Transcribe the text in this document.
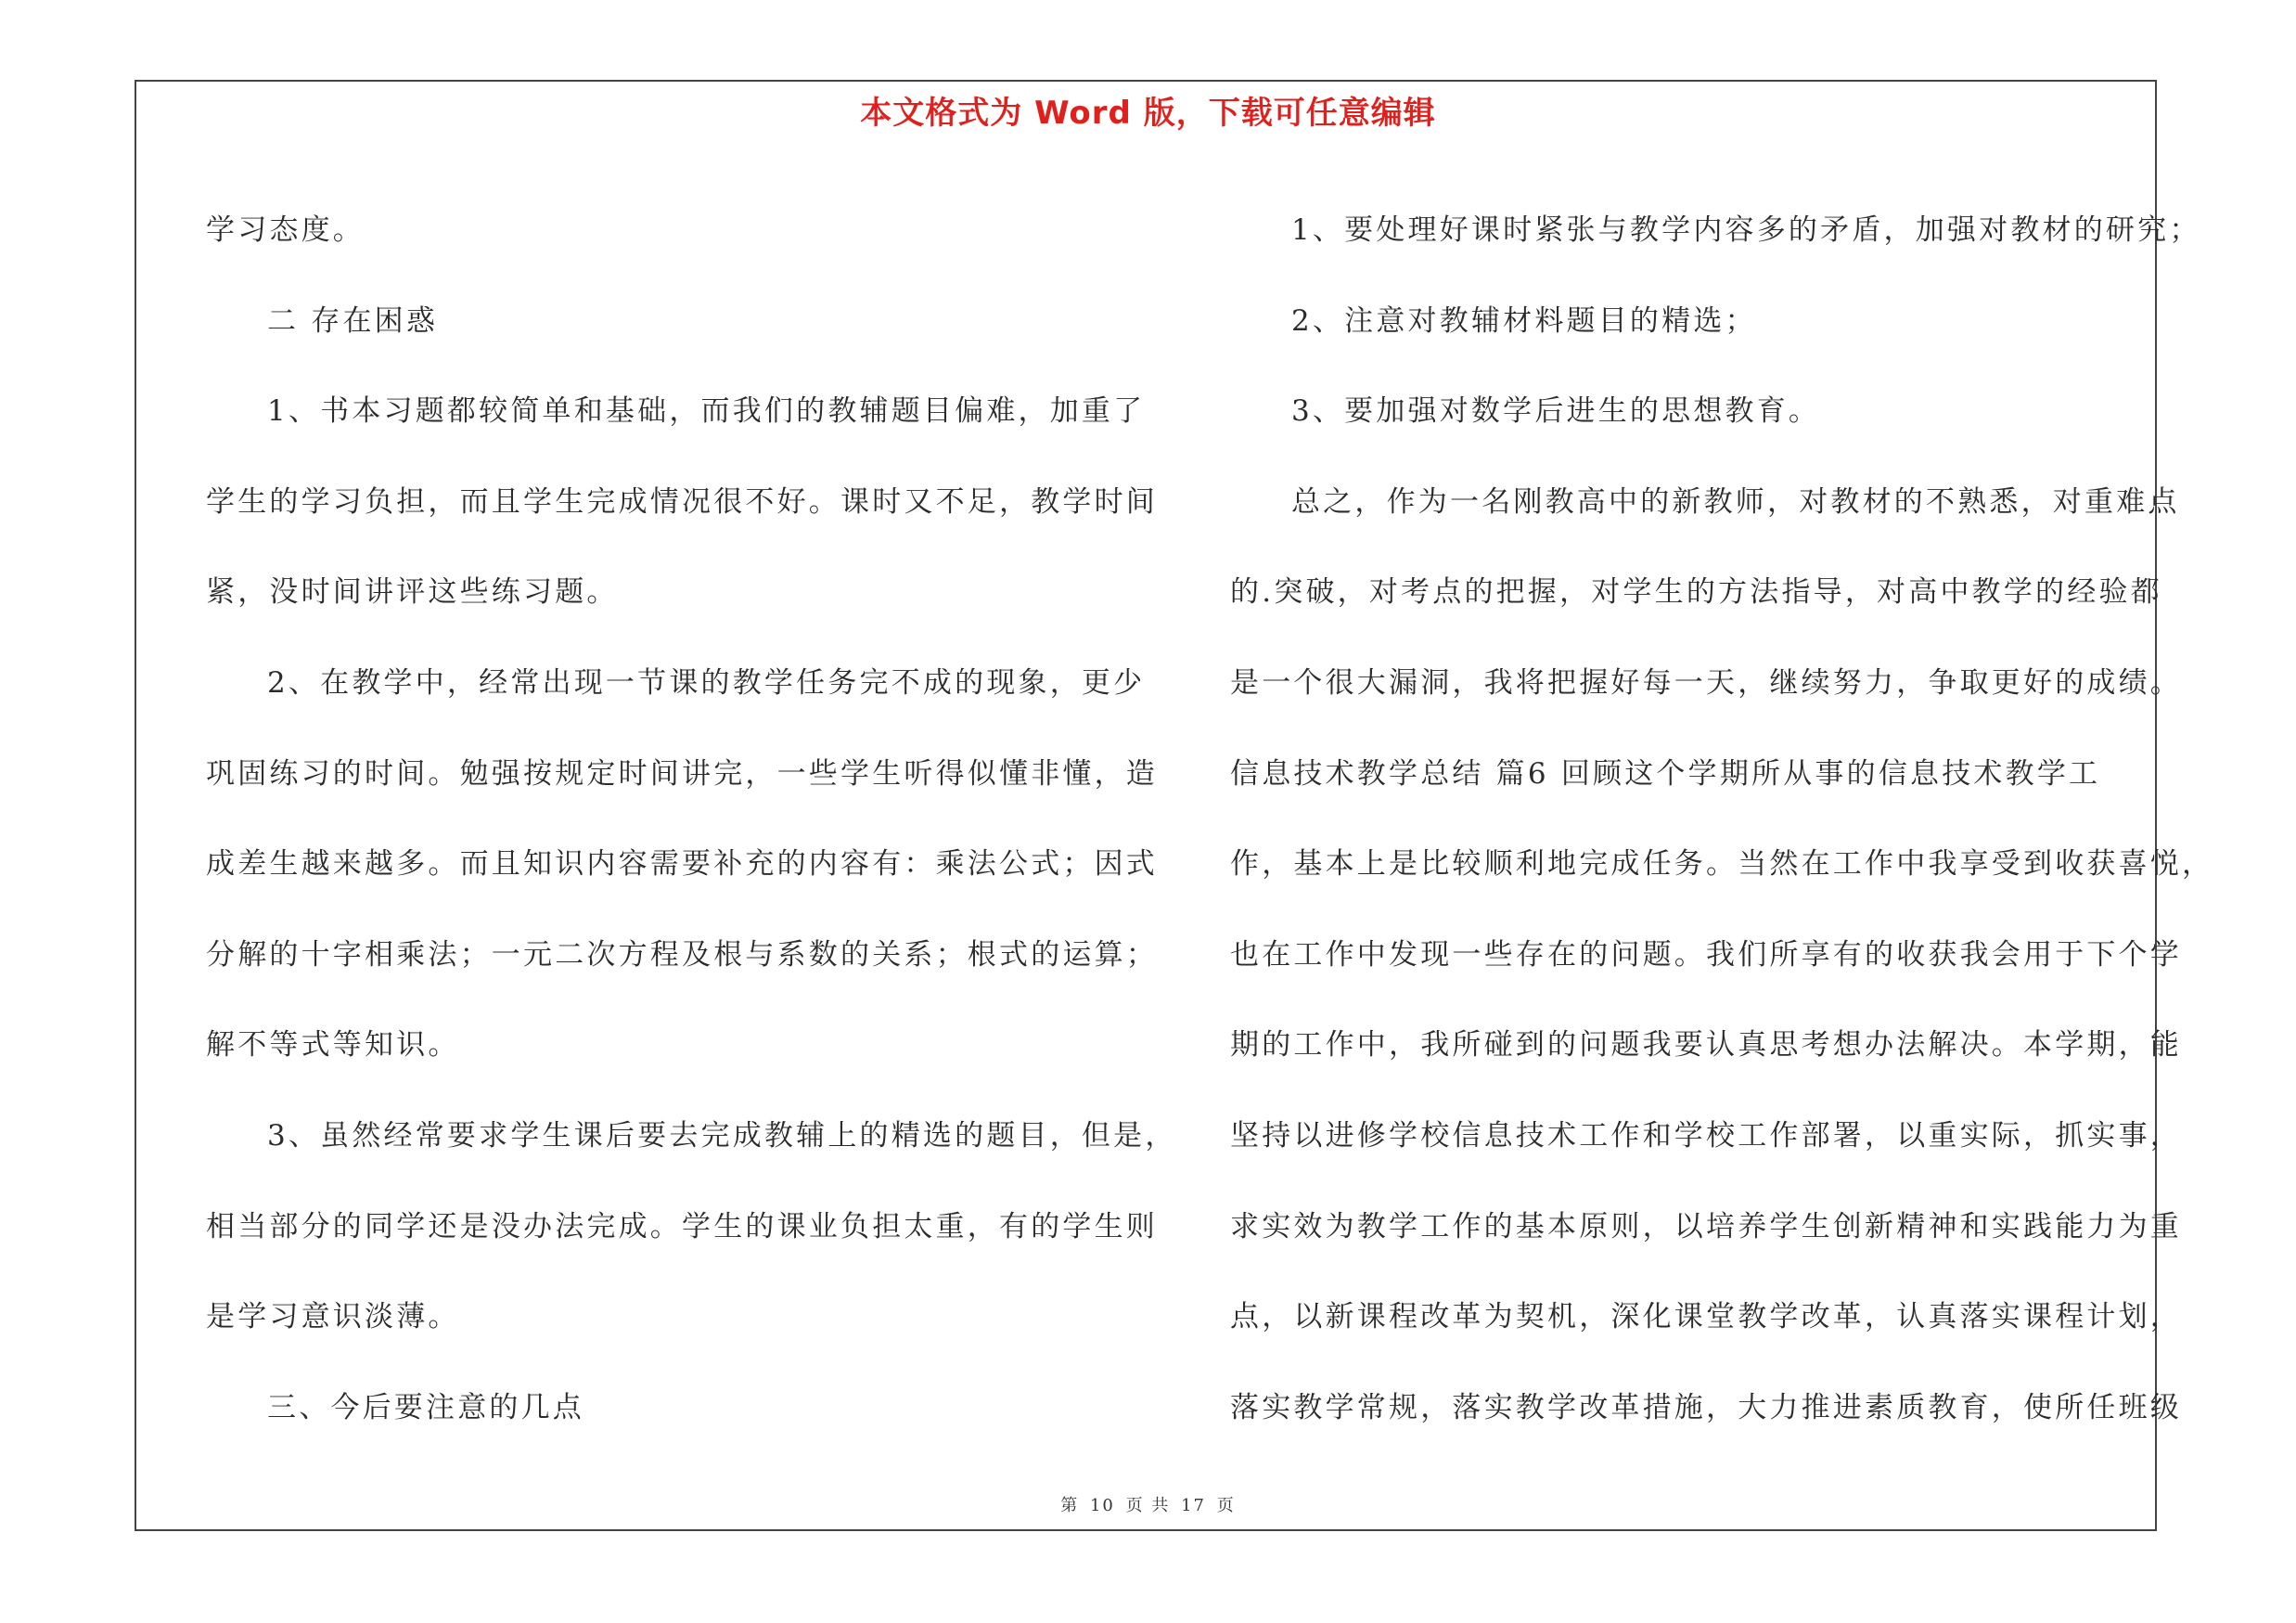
本文格式为 Word 版，下载可任意编辑
学习态度。
二 存在困惑
1、书本习题都较简单和基础，而我们的教辅题目偏难，加重了
学生的学习负担，而且学生完成情况很不好。课时又不足，教学时间
紧，没时间讲评这些练习题。
2、在教学中，经常出现一节课的教学任务完不成的现象，更少
巩固练习的时间。勉强按规定时间讲完，一些学生听得似懂非懂，造
成差生越来越多。而且知识内容需要补充的内容有：乘法公式；因式
分解的十字相乘法；一元二次方程及根与系数的关系；根式的运算；
解不等式等知识。
3、虽然经常要求学生课后要去完成教辅上的精选的题目，但是，
相当部分的同学还是没办法完成。学生的课业负担太重，有的学生则
是学习意识淡薄。
三、今后要注意的几点
1、要处理好课时紧张与教学内容多的矛盾，加强对教材的研究；
2、注意对教辅材料题目的精选；
3、要加强对数学后进生的思想教育。
总之，作为一名刚教高中的新教师，对教材的不熟悉，对重难点
的.突破，对考点的把握，对学生的方法指导，对高中教学的经验都
是一个很大漏洞，我将把握好每一天，继续努力，争取更好的成绩。
信息技术教学总结 篇6 回顾这个学期所从事的信息技术教学工
作，基本上是比较顺利地完成任务。当然在工作中我享受到收获喜悦，
也在工作中发现一些存在的问题。我们所享有的收获我会用于下个学
期的工作中，我所碰到的问题我要认真思考想办法解决。本学期，能
坚持以进修学校信息技术工作和学校工作部署，以重实际，抓实事，
求实效为教学工作的基本原则，以培养学生创新精神和实践能力为重
点，以新课程改革为契机，深化课堂教学改革，认真落实课程计划，
落实教学常规，落实教学改革措施，大力推进素质教育，使所任班级
第 10 页 共 17 页
